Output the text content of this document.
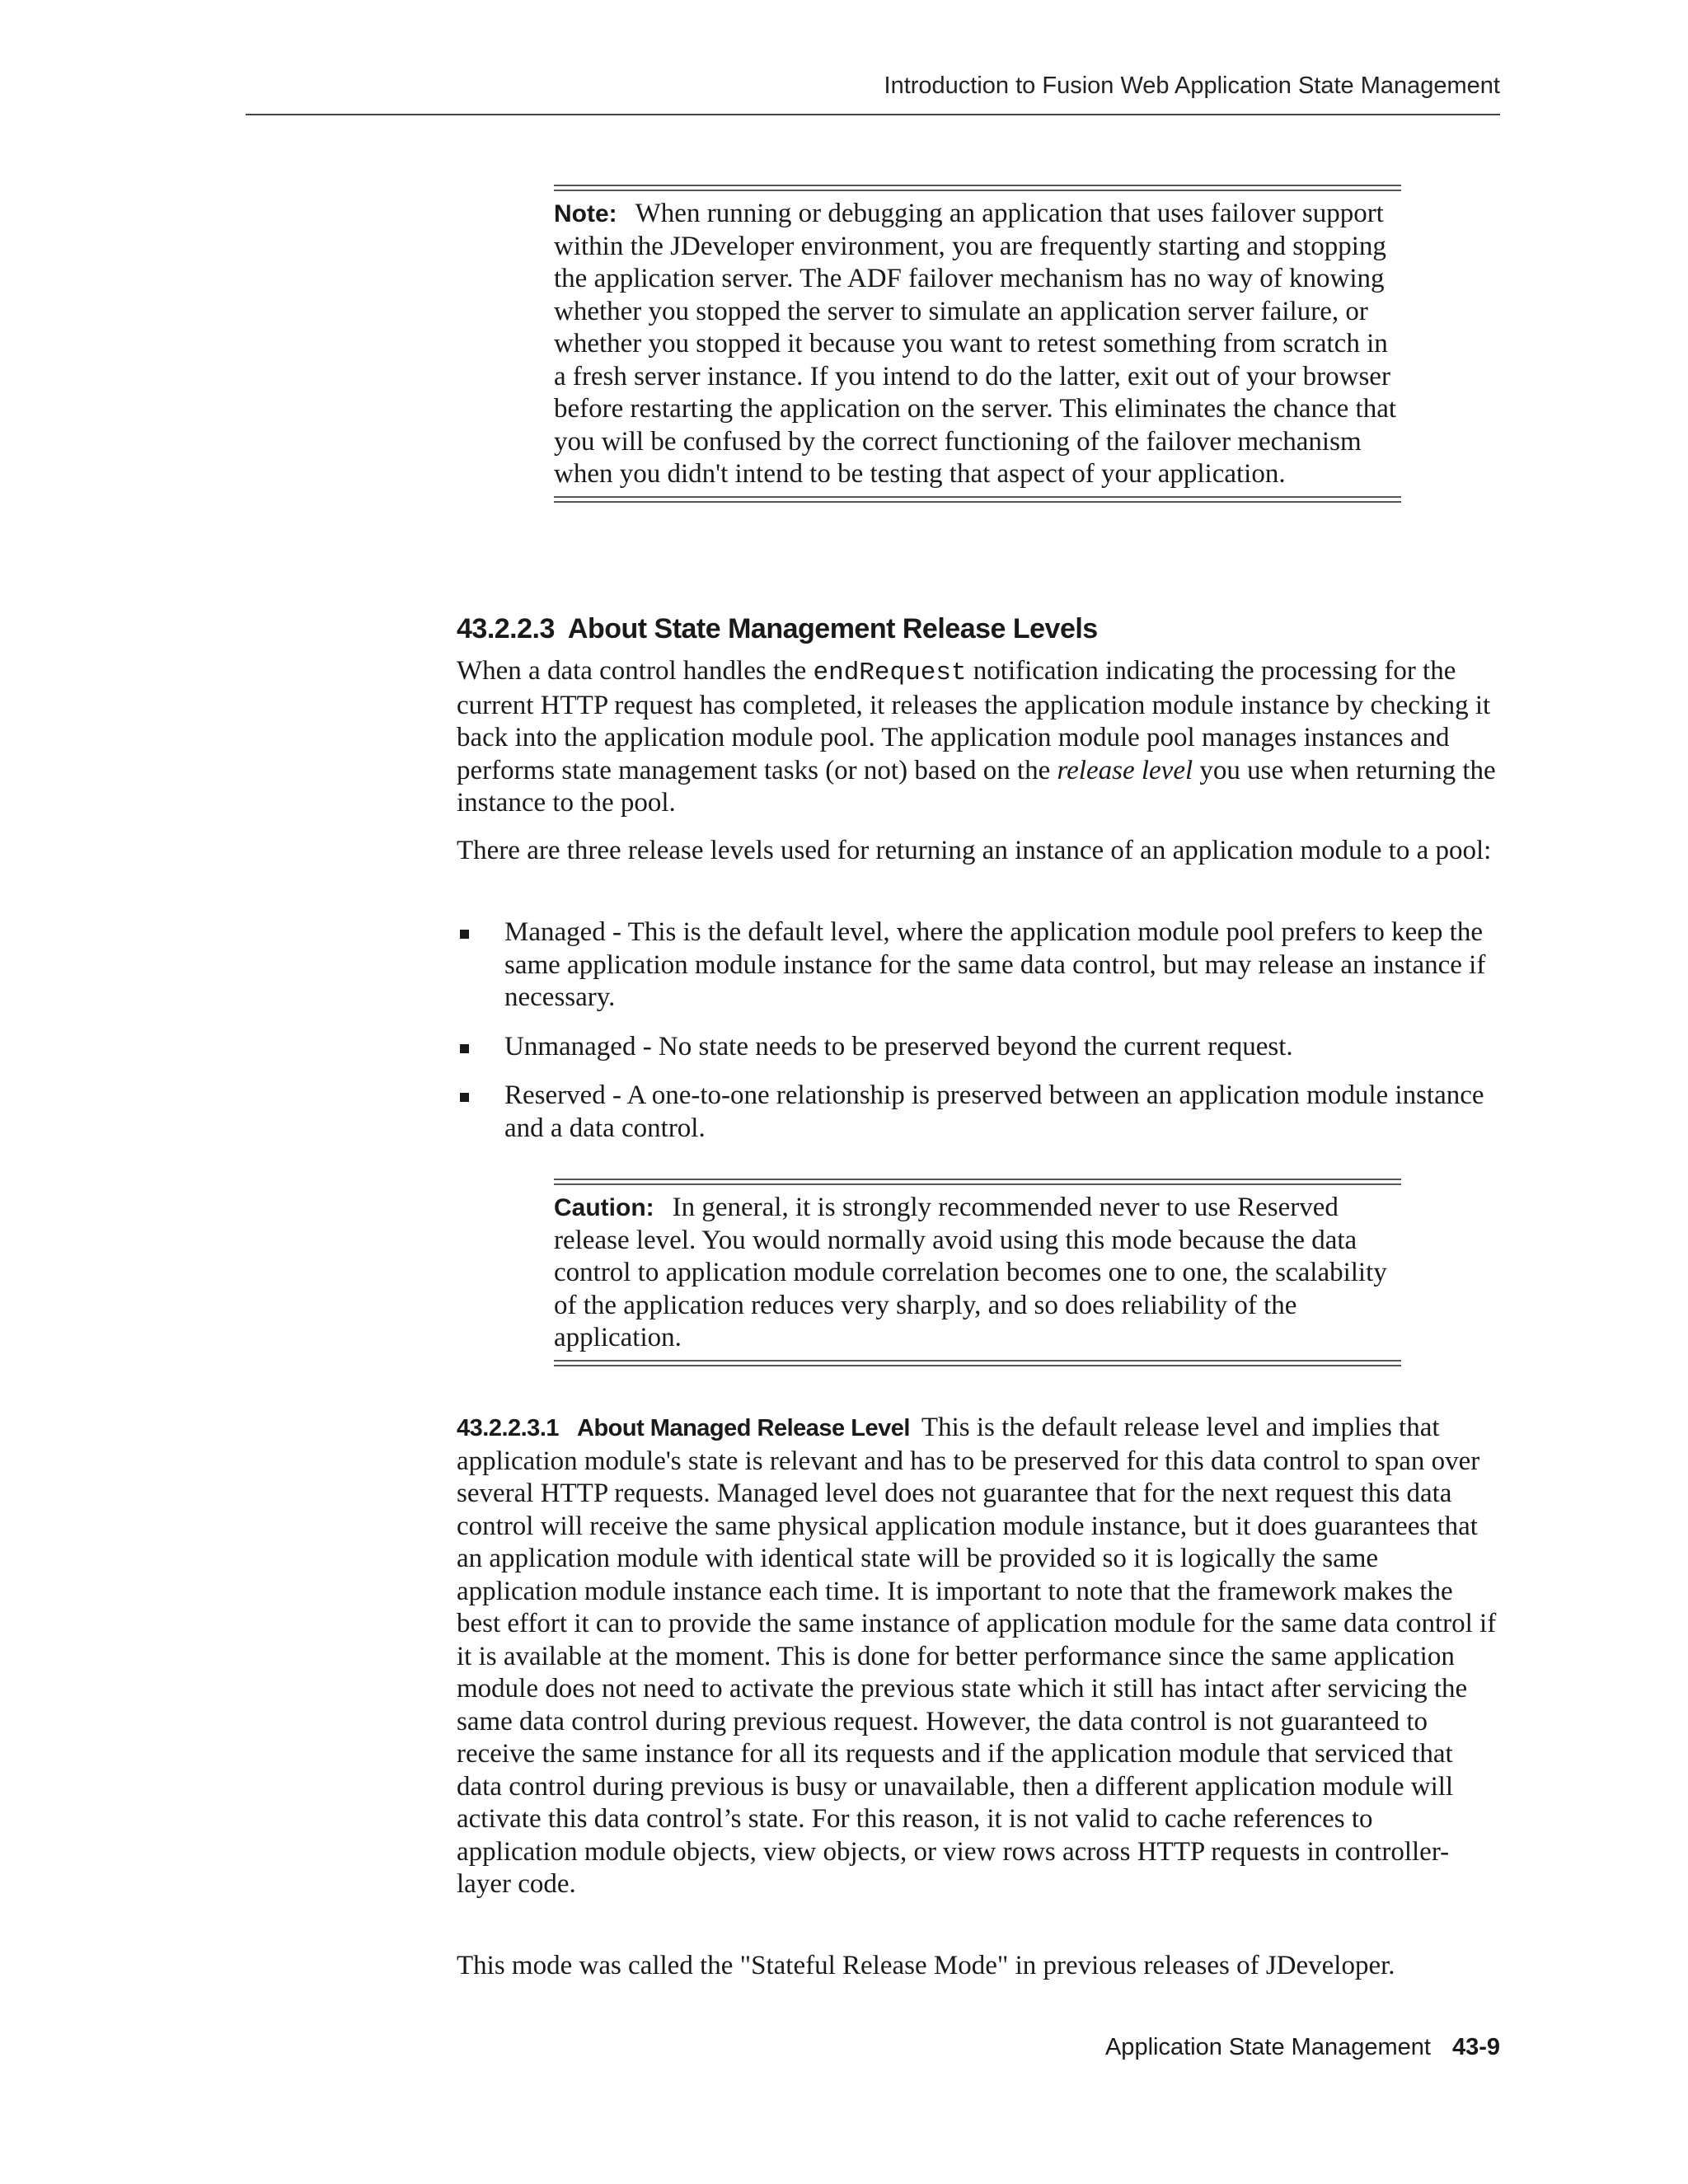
Introduction to Fusion Web Application State Management
Note: When running or debugging an application that uses failover support within the JDeveloper environment, you are frequently starting and stopping the application server. The ADF failover mechanism has no way of knowing whether you stopped the server to simulate an application server failure, or whether you stopped it because you want to retest something from scratch in a fresh server instance. If you intend to do the latter, exit out of your browser before restarting the application on the server. This eliminates the chance that you will be confused by the correct functioning of the failover mechanism when you didn't intend to be testing that aspect of your application.
43.2.2.3 About State Management Release Levels

When a data control handles the endRequest notification indicating the processing for the current HTTP request has completed, it releases the application module instance by checking it back into the application module pool. The application module pool manages instances and performs state management tasks (or not) based on the release level you use when returning the instance to the pool.

There are three release levels used for returning an instance of an application module to a pool:

Managed - This is the default level, where the application module pool prefers to keep the same application module instance for the same data control, but may release an instance if necessary.
Unmanaged - No state needs to be preserved beyond the current request.
Reserved - A one-to-one relationship is preserved between an application module instance and a data control.
Caution: In general, it is strongly recommended never to use Reserved release level. You would normally avoid using this mode because the data control to application module correlation becomes one to one, the scalability of the application reduces very sharply, and so does reliability of the application.

43.2.2.3.1 About Managed Release Level This is the default release level and implies that application module's state is relevant and has to be preserved for this data control to span over several HTTP requests. Managed level does not guarantee that for the next request this data control will receive the same physical application module instance, but it does guarantees that an application module with identical state will be provided so it is logically the same application module instance each time. It is important to note that the framework makes the best effort it can to provide the same instance of application module for the same data control if it is available at the moment. This is done for better performance since the same application module does not need to activate the previous state which it still has intact after servicing the same data control during previous request. However, the data control is not guaranteed to receive the same instance for all its requests and if the application module that serviced that data control during previous is busy or unavailable, then a different application module will activate this data control’s state. For this reason, it is not valid to cache references to application module objects, view objects, or view rows across HTTP requests in controller-layer code.

This mode was called the "Stateful Release Mode" in previous releases of JDeveloper.

Application State Management 43-9
